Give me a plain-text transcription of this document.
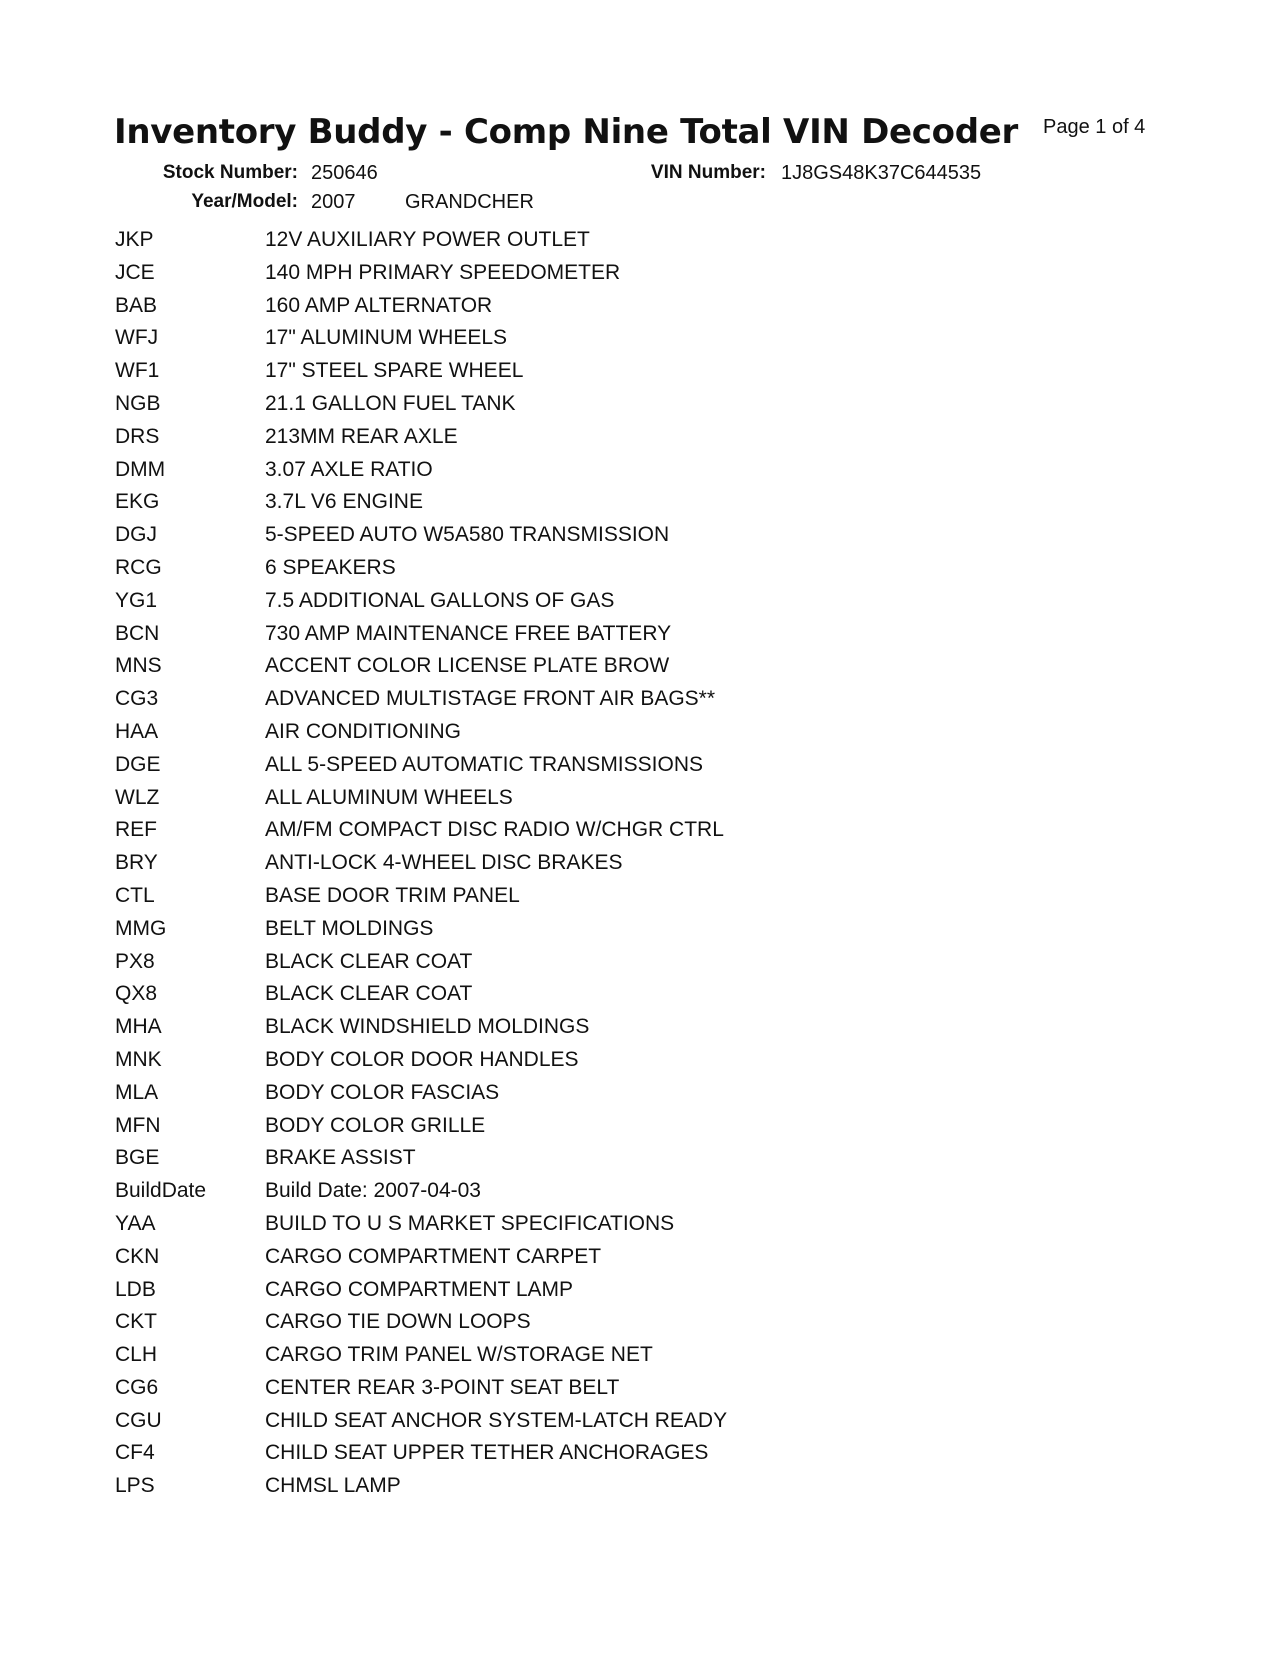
Inventory Buddy - Comp Nine Total VIN Decoder Page 1 of 4
Stock Number: 250646	VIN Number: 1J8GS48K37C644535
Year/Model: 2007 GRANDCHER
JKP	12V AUXILIARY POWER OUTLET
JCE	140 MPH PRIMARY SPEEDOMETER
BAB	160 AMP ALTERNATOR
WFJ	17" ALUMINUM WHEELS
WF1	17" STEEL SPARE WHEEL
NGB	21.1 GALLON FUEL TANK
DRS	213MM REAR AXLE
DMM	3.07 AXLE RATIO
EKG	3.7L V6 ENGINE
DGJ	5-SPEED AUTO W5A580 TRANSMISSION
RCG	6 SPEAKERS
YG1	7.5 ADDITIONAL GALLONS OF GAS
BCN	730 AMP MAINTENANCE FREE BATTERY
MNS	ACCENT COLOR LICENSE PLATE BROW
CG3	ADVANCED MULTISTAGE FRONT AIR BAGS**
HAA	AIR CONDITIONING
DGE	ALL 5-SPEED AUTOMATIC TRANSMISSIONS
WLZ	ALL ALUMINUM WHEELS
REF	AM/FM COMPACT DISC RADIO W/CHGR CTRL
BRY	ANTI-LOCK 4-WHEEL DISC BRAKES
CTL	BASE DOOR TRIM PANEL
MMG	BELT MOLDINGS
PX8	BLACK CLEAR COAT
QX8	BLACK CLEAR COAT
MHA	BLACK WINDSHIELD MOLDINGS
MNK	BODY COLOR DOOR HANDLES
MLA	BODY COLOR FASCIAS
MFN	BODY COLOR GRILLE
BGE	BRAKE ASSIST
BuildDate	Build Date: 2007-04-03
YAA	BUILD TO U S MARKET SPECIFICATIONS
CKN	CARGO COMPARTMENT CARPET
LDB	CARGO COMPARTMENT LAMP
CKT	CARGO TIE DOWN LOOPS
CLH	CARGO TRIM PANEL W/STORAGE NET
CG6	CENTER REAR 3-POINT SEAT BELT
CGU	CHILD SEAT ANCHOR SYSTEM-LATCH READY
CF4	CHILD SEAT UPPER TETHER ANCHORAGES
LPS	CHMSL LAMP
